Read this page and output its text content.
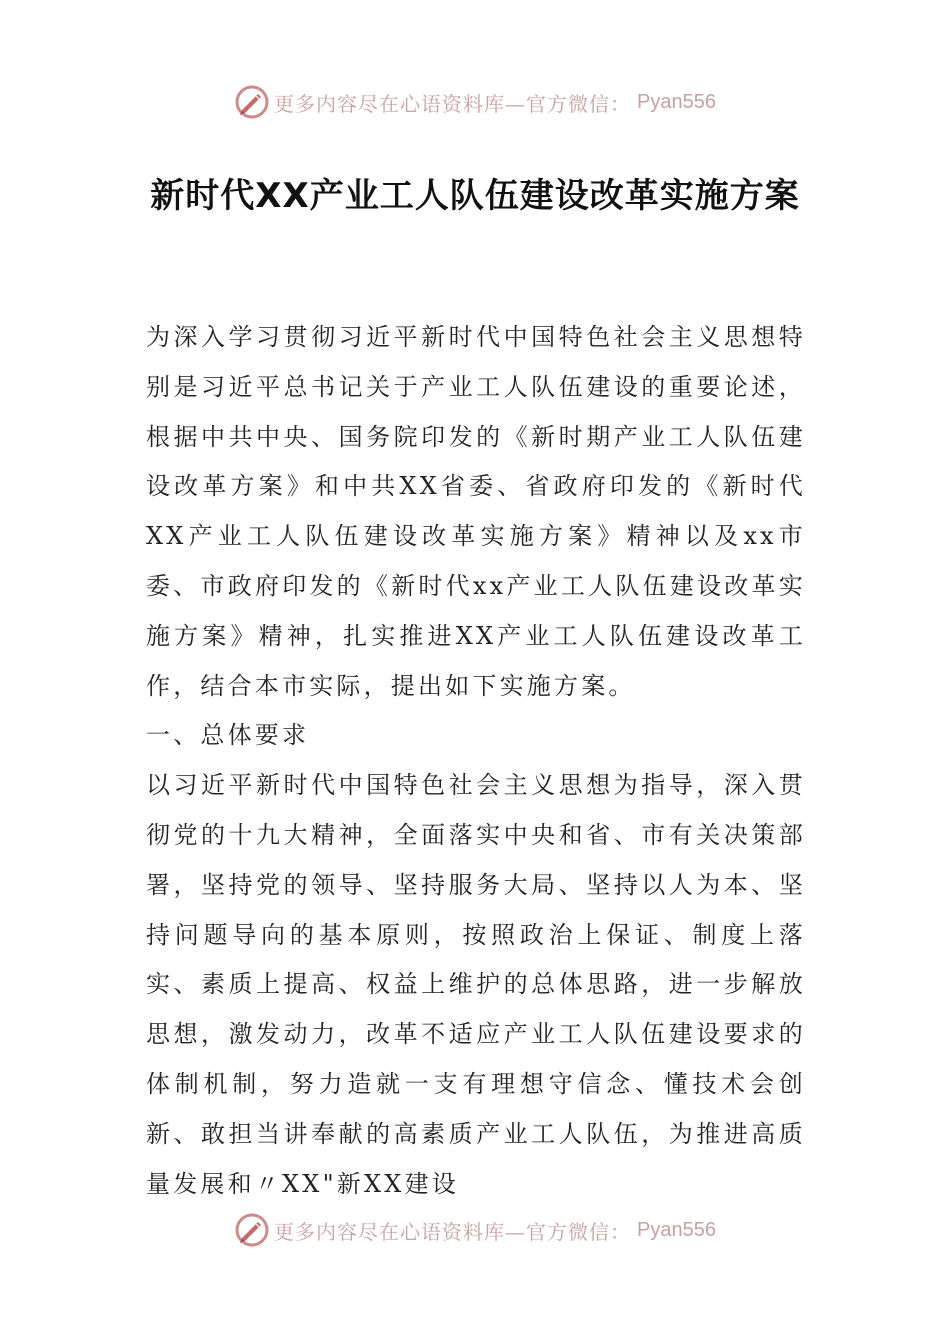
更多内容尽在心语资料库—官方微信： Pyan556
新时代XX产业工人队伍建设改革实施方案

为深入学习贯彻习近平新时代中国特色社会主义思想特别是习近平总书记关于产业工人队伍建设的重要论述，根据中共中央、国务院印发的《新时期产业工人队伍建设改革方案》和中共XX省委、省政府印发的《新时代XX产业工人队伍建设改革实施方案》精神以及xx市委、市政府印发的《新时代xx产业工人队伍建设改革实施方案》精神，扎实推进XX产业工人队伍建设改革工作，结合本市实际，提出如下实施方案。

一、总体要求

以习近平新时代中国特色社会主义思想为指导，深入贯彻党的十九大精神，全面落实中央和省、市有关决策部署，坚持党的领导、坚持服务大局、坚持以人为本、坚持问题导向的基本原则，按照政治上保证、制度上落实、素质上提高、权益上维护的总体思路，进一步解放思想，激发动力，改革不适应产业工人队伍建设要求的体制机制，努力造就一支有理想守信念、懂技术会创新、敢担当讲奉献的高素质产业工人队伍，为推进高质量发展和〃XX"新XX建设

更多内容尽在心语资料库—官方微信： Pyan556
